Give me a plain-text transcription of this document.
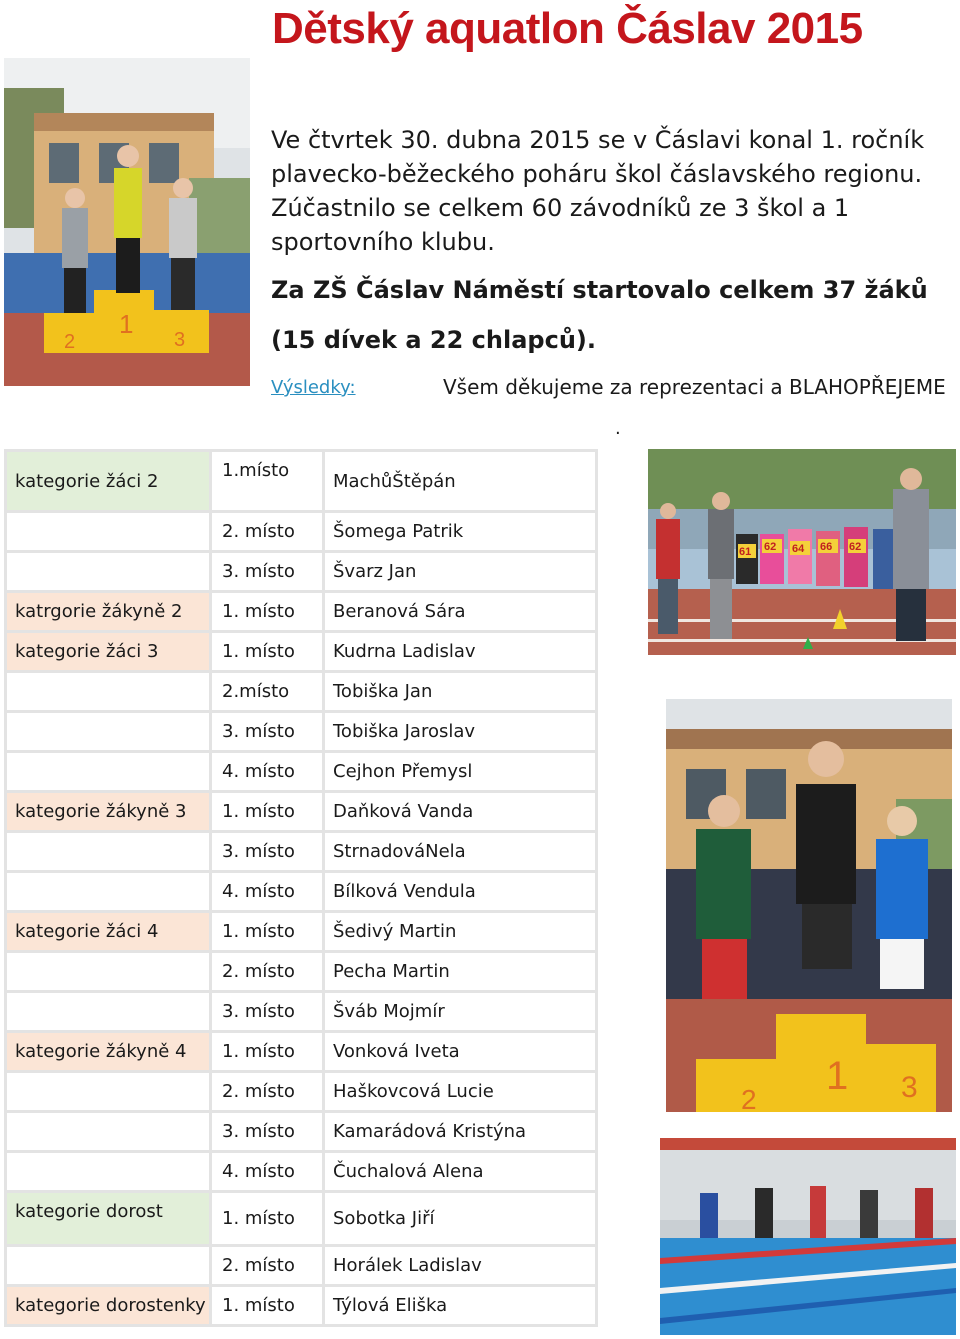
Dětský aquatlon Čáslav 2015
2
1
3

Ve čtvrtek 30. dubna 2015 se v Čáslavi konal 1. ročník plavecko-běžeckého poháru škol čáslavského regionu. Zúčastnilo se celkem 60 závodníků ze 3 škol a 1 sportovního klubu.

Za ZŠ Čáslav Náměstí startovalo celkem 37 žáků

(15 dívek a 22 chlapců).

Výsledky:	Všem děkujeme za reprezentaci a BLAHOPŘEJEME
.
kategorie žáci 2	1.místo	MachůŠtěpán
	2. místo	Šomega Patrik
	3. místo	Švarz Jan
katrgorie žákyně 2	1. místo	Beranová Sára
kategorie žáci 3	1. místo	Kudrna Ladislav
	2.místo	Tobiška Jan
	3. místo	Tobiška Jaroslav
	4. místo	Cejhon Přemysl
kategorie žákyně 3	1. místo	Daňková Vanda
	3. místo	StrnadováNela
	4. místo	Bílková Vendula
kategorie žáci 4	1. místo	Šedivý Martin
	2. místo	Pecha Martin
	3. místo	Šváb Mojmír
kategorie žákyně 4	1. místo	Vonková Iveta
	2. místo	Haškovcová Lucie
	3. místo	Kamarádová Kristýna
	4. místo	Čuchalová Alena
kategorie dorost	1. místo	Sobotka Jiří
	2. místo	Horálek Ladislav
kategorie dorostenky	1. místo	Týlová Eliška
61 62 64 66 62
2
1 3
